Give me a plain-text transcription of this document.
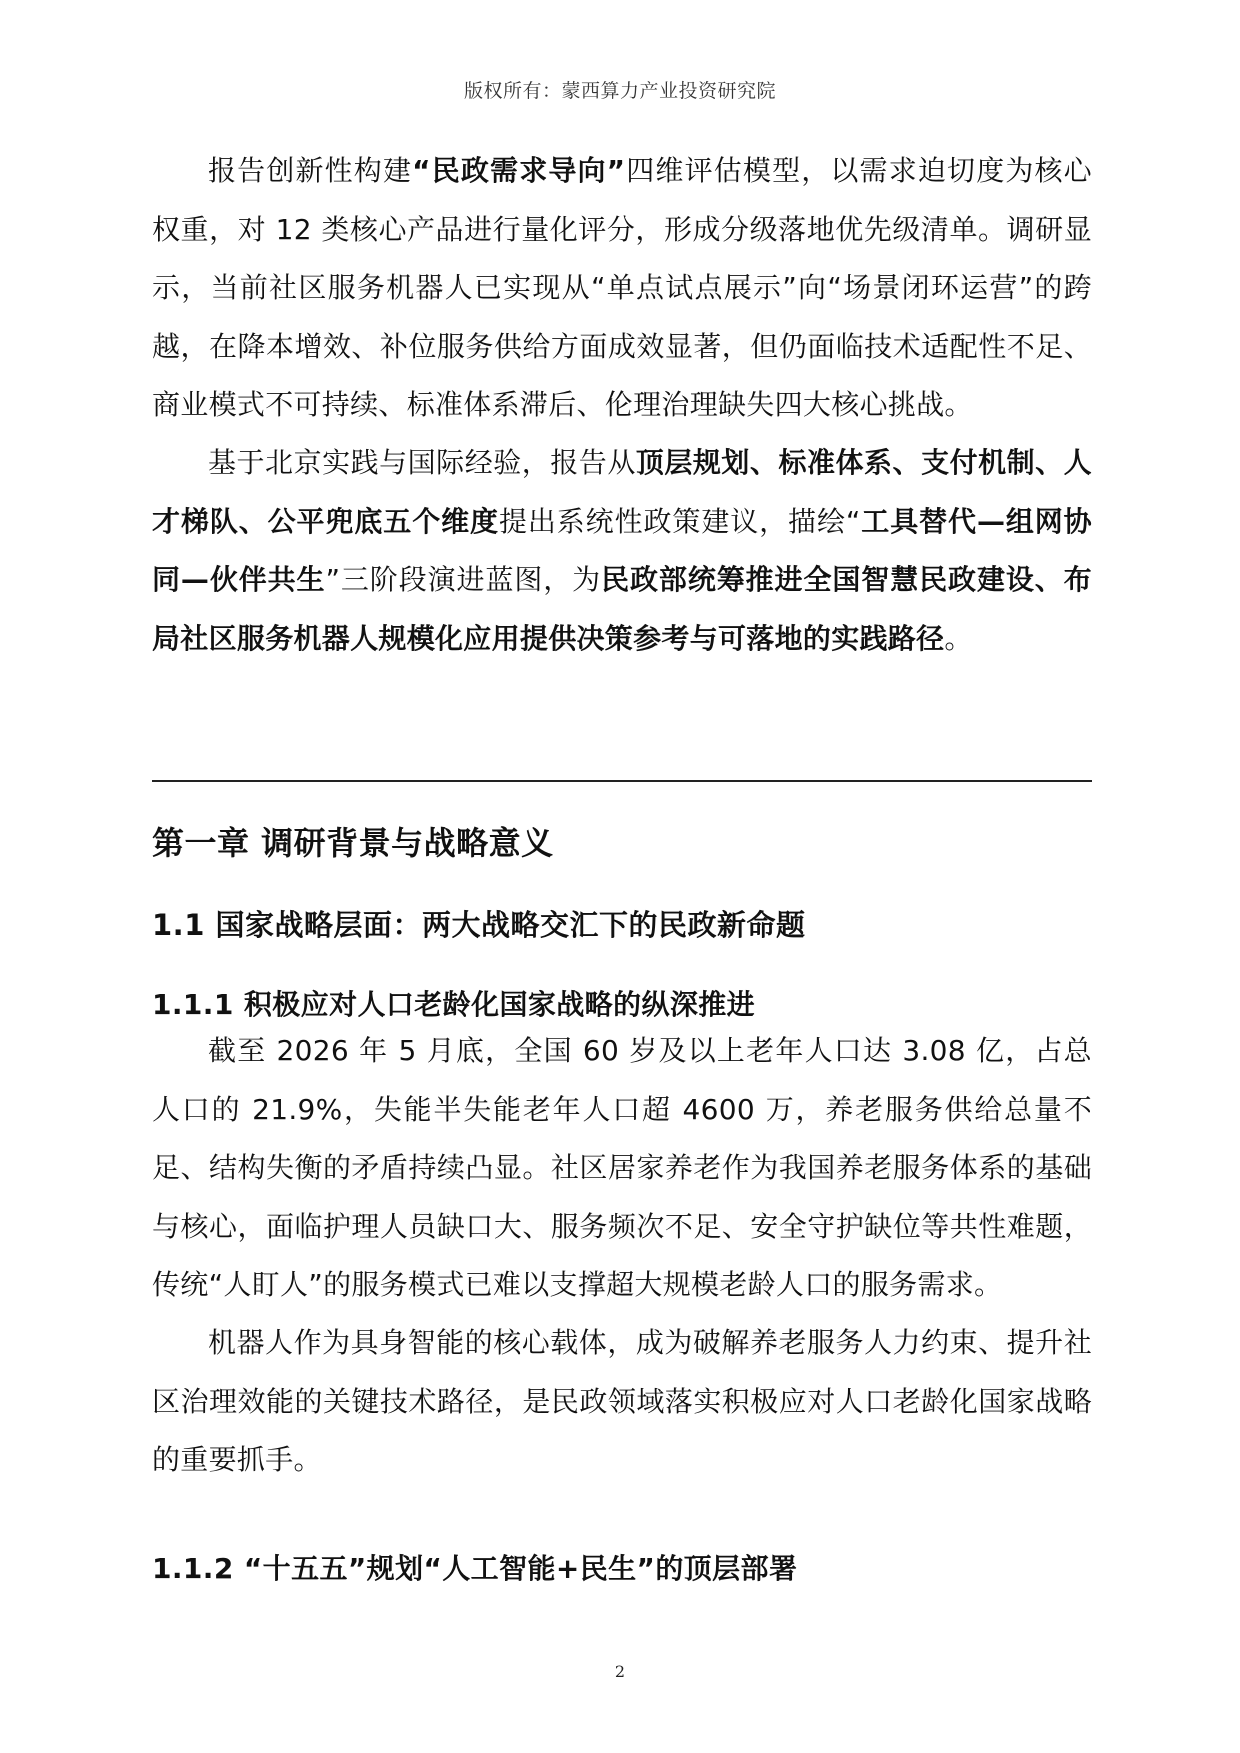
版权所有：蒙西算力产业投资研究院

报告创新性构建“民政需求导向”四维评估模型，以需求迫切度为核心权重，对 12 类核心产品进行量化评分，形成分级落地优先级清单。调研显示，当前社区服务机器人已实现从“单点试点展示”向“场景闭环运营”的跨越，在降本增效、补位服务供给方面成效显著，但仍面临技术适配性不足、商业模式不可持续、标准体系滞后、伦理治理缺失四大核心挑战。

基于北京实践与国际经验，报告从顶层规划、标准体系、支付机制、人才梯队、公平兜底五个维度提出系统性政策建议，描绘“工具替代—组网协同—伙伴共生”三阶段演进蓝图，为民政部统筹推进全国智慧民政建设、布局社区服务机器人规模化应用提供决策参考与可落地的实践路径。

第一章 调研背景与战略意义
1.1 国家战略层面：两大战略交汇下的民政新命题
1.1.1 积极应对人口老龄化国家战略的纵深推进

截至 2026 年 5 月底，全国 60 岁及以上老年人口达 3.08 亿，占总人口的 21.9%，失能半失能老年人口超 4600 万，养老服务供给总量不足、结构失衡的矛盾持续凸显。社区居家养老作为我国养老服务体系的基础与核心，面临护理人员缺口大、服务频次不足、安全守护缺位等共性难题，传统“人盯人”的服务模式已难以支撑超大规模老龄人口的服务需求。

机器人作为具身智能的核心载体，成为破解养老服务人力约束、提升社区治理效能的关键技术路径，是民政领域落实积极应对人口老龄化国家战略的重要抓手。

1.1.2 “十五五”规划“人工智能+民生”的顶层部署
2
